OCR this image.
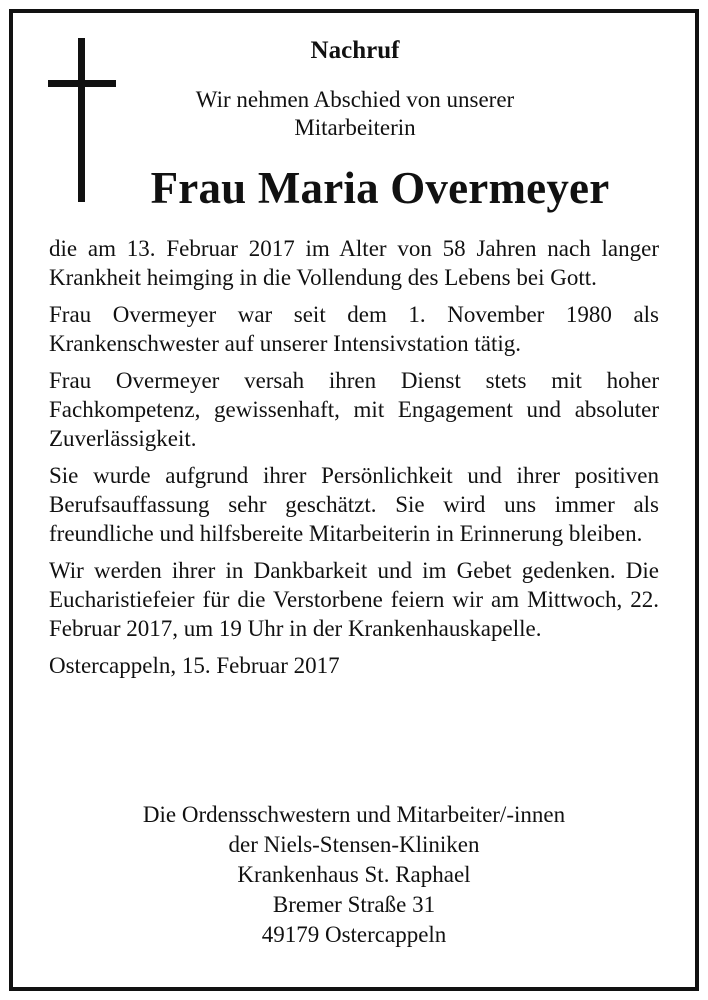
Nachruf
Wir nehmen Abschied von unserer
Mitarbeiterin
Frau Maria Overmeyer

die am 13. Februar 2017 im Alter von 58 Jahren nach langer Krankheit heimging in die Vollendung des Lebens bei Gott.

Frau Overmeyer war seit dem 1. November 1980 als Krankenschwester auf unserer Intensivstation tätig.

Frau Overmeyer versah ihren Dienst stets mit hoher Fachkompetenz, gewissenhaft, mit Engagement und absoluter Zuverlässigkeit.

Sie wurde aufgrund ihrer Persönlichkeit und ihrer positiven Berufsauffassung sehr geschätzt. Sie wird uns immer als freundliche und hilfsbereite Mitarbeiterin in Erinnerung bleiben.

Wir werden ihrer in Dankbarkeit und im Gebet gedenken. Die Eucharistiefeier für die Verstorbene feiern wir am Mittwoch, 22. Februar 2017, um 19 Uhr in der Krankenhauskapelle.

Ostercappeln, 15. Februar 2017

Die Ordensschwestern und Mitarbeiter/-innen
der Niels-Stensen-Kliniken
Krankenhaus St. Raphael
Bremer Straße 31
49179 Ostercappeln
